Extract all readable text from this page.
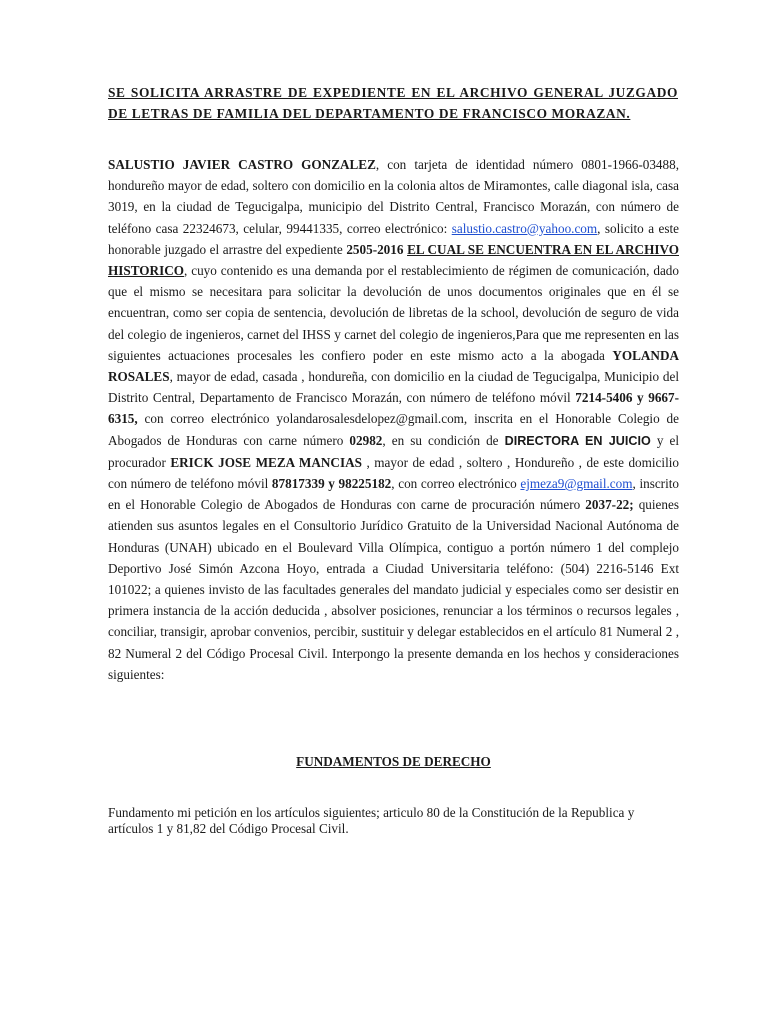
SE SOLICITA ARRASTRE DE EXPEDIENTE EN EL ARCHIVO GENERAL JUZGADO DE LETRAS DE FAMILIA DEL DEPARTAMENTO DE FRANCISCO MORAZAN.
SALUSTIO JAVIER CASTRO GONZALEZ, con tarjeta de identidad número 0801-1966-03488, hondureño mayor de edad, soltero con domicilio en la colonia altos de Miramontes, calle diagonal isla, casa 3019, en la ciudad de Tegucigalpa, municipio del Distrito Central, Francisco Morazán, con número de teléfono casa 22324673, celular, 99441335, correo electrónico: salustio.castro@yahoo.com, solicito a este honorable juzgado el arrastre del expediente 2505-2016 EL CUAL SE ENCUENTRA EN EL ARCHIVO HISTORICO, cuyo contenido es una demanda por el restablecimiento de régimen de comunicación, dado que el mismo se necesitara para solicitar la devolución de unos documentos originales que en él se encuentran, como ser copia de sentencia, devolución de libretas de la school, devolución de seguro de vida del colegio de ingenieros, carnet del IHSS y carnet del colegio de ingenieros,Para que me representen en las siguientes actuaciones procesales les confiero poder en este mismo acto a la abogada YOLANDA ROSALES, mayor de edad, casada , hondureña, con domicilio en la ciudad de Tegucigalpa, Municipio del Distrito Central, Departamento de Francisco Morazán, con número de teléfono móvil 7214-5406 y 9667-6315, con correo electrónico yolandarosalesdelopez@gmail.com, inscrita en el Honorable Colegio de Abogados de Honduras con carne número 02982, en su condición de DIRECTORA EN JUICIO y el procurador ERICK JOSE MEZA MANCIAS , mayor de edad , soltero , Hondureño , de este domicilio con número de teléfono móvil 87817339 y 98225182, con correo electrónico ejmeza9@gmail.com, inscrito en el Honorable Colegio de Abogados de Honduras con carne de procuración número 2037-22; quienes atienden sus asuntos legales en el Consultorio Jurídico Gratuito de la Universidad Nacional Autónoma de Honduras (UNAH) ubicado en el Boulevard Villa Olímpica, contiguo a portón número 1 del complejo Deportivo José Simón Azcona Hoyo, entrada a Ciudad Universitaria teléfono: (504) 2216-5146 Ext 101022; a quienes invisto de las facultades generales del mandato judicial y especiales como ser desistir en primera instancia de la acción deducida , absolver posiciones, renunciar a los términos o recursos legales , conciliar, transigir, aprobar convenios, percibir, sustituir y delegar establecidos en el artículo 81 Numeral 2 , 82 Numeral 2 del Código Procesal Civil. Interpongo la presente demanda en los hechos y consideraciones siguientes:
FUNDAMENTOS DE DERECHO
Fundamento mi petición en los artículos siguientes; articulo 80 de la Constitución de la Republica y artículos 1 y 81,82 del Código Procesal Civil.
